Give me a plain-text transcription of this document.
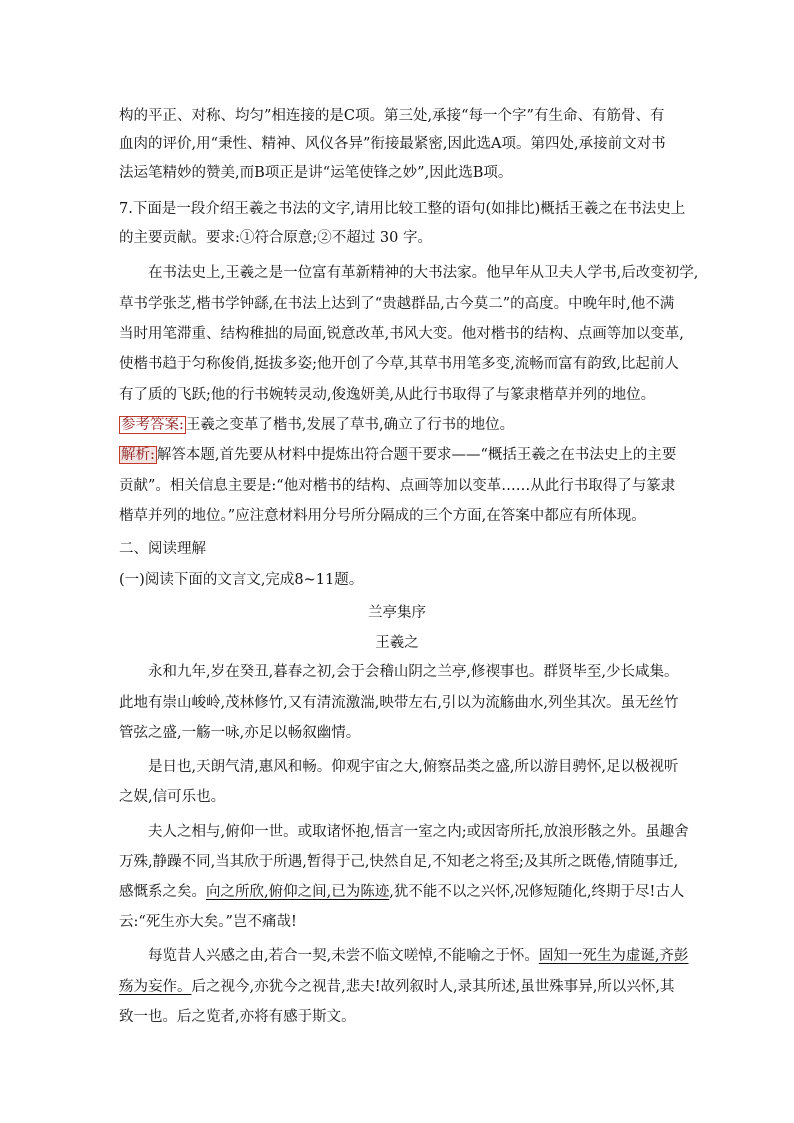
构的平正、对称、均匀”相连接的是C项。第三处,承接“每一个字”有生命、有筋骨、有
血肉的评价,用“秉性、精神、风仪各异”衔接最紧密,因此选A项。第四处,承接前文对书
法运笔精妙的赞美,而B项正是讲“运笔使锋之妙”,因此选B项。
7.下面是一段介绍王羲之书法的文字,请用比较工整的语句(如排比)概括王羲之在书法史上
的主要贡献。要求:①符合原意;②不超过 30 字。
　　在书法史上,王羲之是一位富有革新精神的大书法家。他早年从卫夫人学书,后改变初学,
草书学张芝,楷书学钟繇,在书法上达到了“贵越群品,古今莫二”的高度。中晚年时,他不满
当时用笔滞重、结构稚拙的局面,锐意改革,书风大变。他对楷书的结构、点画等加以变革,
使楷书趋于匀称俊俏,挺拔多姿;他开创了今草,其草书用笔多变,流畅而富有韵致,比起前人
有了质的飞跃;他的行书婉转灵动,俊逸妍美,从此行书取得了与篆隶楷草并列的地位。
参考答案: 王羲之变革了楷书,发展了草书,确立了行书的地位。
解析: 解答本题,首先要从材料中提炼出符合题干要求——“概括王羲之在书法史上的主要
贡献”。相关信息主要是:“他对楷书的结构、点画等加以变革……从此行书取得了与篆隶
楷草并列的地位。”应注意材料用分号所分隔成的三个方面,在答案中都应有所体现。
二、阅读理解
(一)阅读下面的文言文,完成8~11题。
兰亭集序
王羲之
　　永和九年,岁在癸丑,暮春之初,会于会稽山阴之兰亭,修禊事也。群贤毕至,少长咸集。
此地有崇山峻岭,茂林修竹,又有清流激湍,映带左右,引以为流觞曲水,列坐其次。虽无丝竹
管弦之盛,一觞一咏,亦足以畅叙幽情。
　　是日也,天朗气清,惠风和畅。仰观宇宙之大,俯察品类之盛,所以游目骋怀,足以极视听
之娱,信可乐也。
　　夫人之相与,俯仰一世。或取诸怀抱,悟言一室之内;或因寄所托,放浪形骸之外。虽趣舍
万殊,静躁不同,当其欣于所遇,暂得于己,快然自足,不知老之将至;及其所之既倦,情随事迁,
感慨系之矣。向之所欣,俯仰之间,已为陈迹,犹不能不以之兴怀,况修短随化,终期于尽!古人
云:“死生亦大矣。”岂不痛哉!
　　每览昔人兴感之由,若合一契,未尝不临文嗟悼,不能喻之于怀。固知一死生为虚诞,齐彭
殇为妄作。后之视今,亦犹今之视昔,悲夫!故列叙时人,录其所述,虽世殊事异,所以兴怀,其
致一也。后之览者,亦将有感于斯文。
